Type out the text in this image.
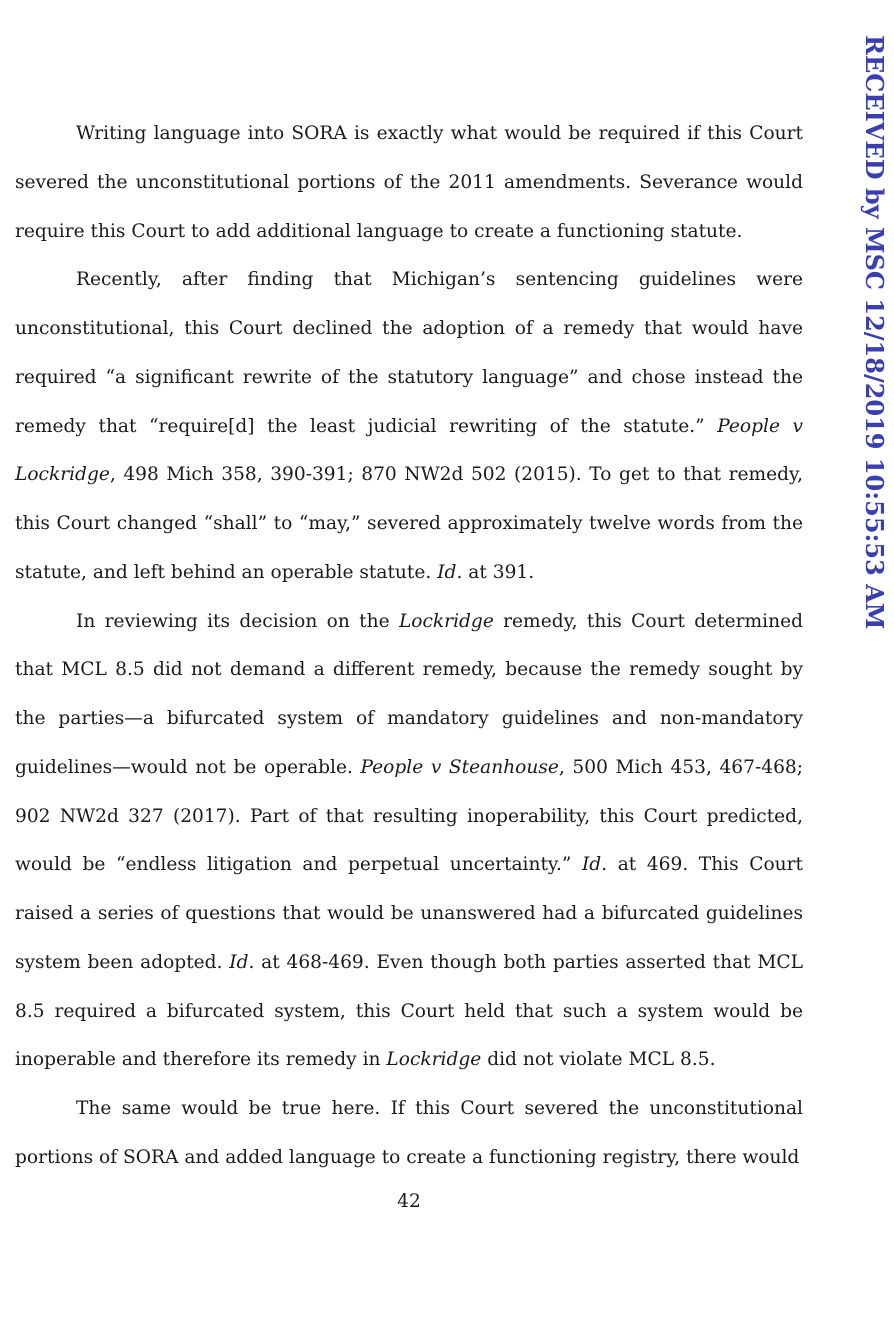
RECEIVED by MSC 12/18/2019 10:55:53 AM

Writing language into SORA is exactly what would be required if this Court severed the unconstitutional portions of the 2011 amendments. Severance would require this Court to add additional language to create a functioning statute.

Recently, after finding that Michigan’s sentencing guidelines were unconstitutional, this Court declined the adoption of a remedy that would have required “a significant rewrite of the statutory language” and chose instead the remedy that “require[d] the least judicial rewriting of the statute.” People v Lockridge, 498 Mich 358, 390-391; 870 NW2d 502 (2015). To get to that remedy, this Court changed “shall” to “may,” severed approximately twelve words from the statute, and left behind an operable statute. Id. at 391.

In reviewing its decision on the Lockridge remedy, this Court determined that MCL 8.5 did not demand a different remedy, because the remedy sought by the parties—a bifurcated system of mandatory guidelines and non-mandatory guidelines—would not be operable. People v Steanhouse, 500 Mich 453, 467-468; 902 NW2d 327 (2017). Part of that resulting inoperability, this Court predicted, would be “endless litigation and perpetual uncertainty.” Id. at 469. This Court raised a series of questions that would be unanswered had a bifurcated guidelines system been adopted. Id. at 468-469. Even though both parties asserted that MCL 8.5 required a bifurcated system, this Court held that such a system would be inoperable and therefore its remedy in Lockridge did not violate MCL 8.5.

The same would be true here. If this Court severed the unconstitutional portions of SORA and added language to create a functioning registry, there would

42
